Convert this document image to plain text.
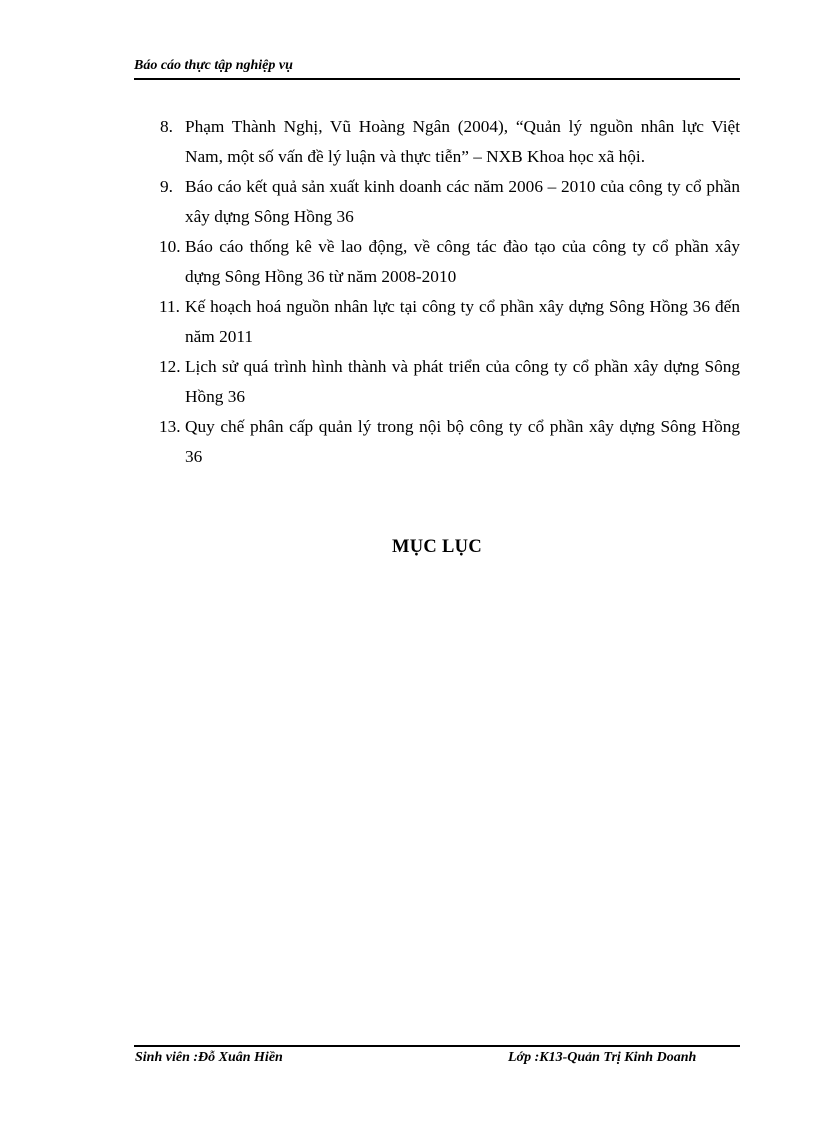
Báo cáo thực tập nghiệp vụ
8. Phạm Thành Nghị, Vũ Hoàng Ngân (2004), “Quản lý nguồn nhân lực Việt Nam, một số vấn đề lý luận và thực tiễn” – NXB Khoa học xã hội.
9. Báo cáo kết quả sản xuất kinh doanh các năm 2006 – 2010 của công ty cổ phần xây dựng Sông Hồng 36
10. Báo cáo thống kê về lao động, về công tác đào tạo của công ty cổ phần xây dựng Sông Hồng 36 từ năm 2008-2010
11. Kế hoạch hoá nguồn nhân lực tại công ty cổ phần xây dựng Sông Hồng 36 đến năm 2011
12. Lịch sử quá trình hình thành và phát triển của công ty cổ phần xây dựng Sông Hồng 36
13. Quy chế phân cấp quản lý trong nội bộ công ty cổ phần xây dựng Sông Hồng 36
MỤC LỤC
Sinh viên :Đỗ Xuân Hiền	Lớp :K13-Quản Trị Kinh Doanh
